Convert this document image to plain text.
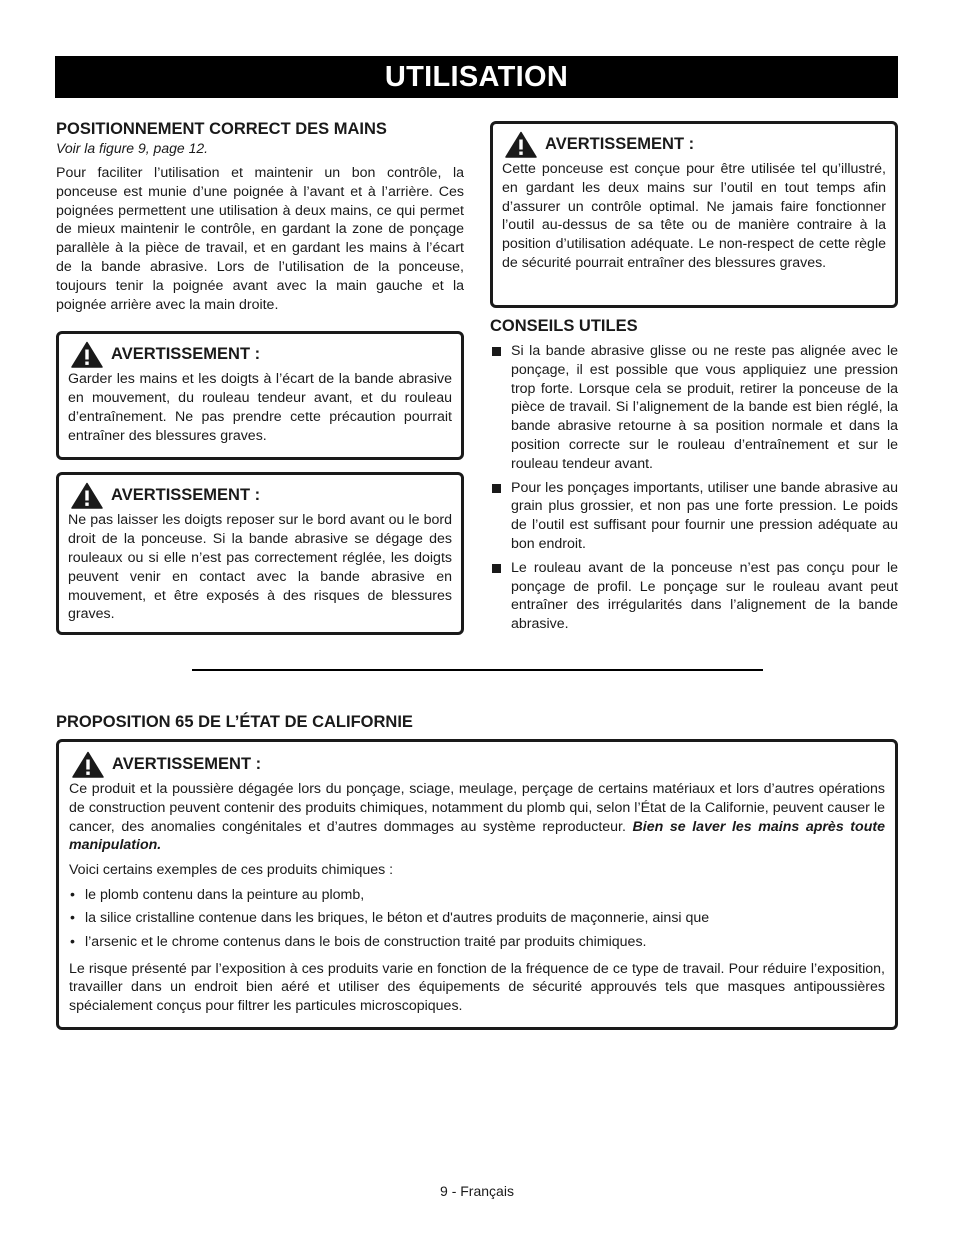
UTILISATION
POSITIONNEMENT CORRECT DES MAINS
Voir la figure 9, page 12.

Pour faciliter l’utilisation et maintenir un bon contrôle, la ponceuse est munie d’une poignée à l’avant et à l’arrière. Ces poignées permettent une utilisation à deux mains, ce qui permet de mieux maintenir le contrôle, en gardant la zone de ponçage parallèle à la pièce de travail, et en gardant les mains à l’écart de la bande abrasive. Lors de l’utilisation de la ponceuse, toujours tenir la poignée avant avec la main gauche et la poignée arrière avec la main droite.

AVERTISSEMENT :

Garder les mains et les doigts à l’écart de la bande abrasive en mouvement, du rouleau tendeur avant, et du rouleau d’entraînement. Ne pas prendre cette précaution pourrait entraîner des blessures graves.

AVERTISSEMENT :

Ne pas laisser les doigts reposer sur le bord avant ou le bord droit de la ponceuse. Si la bande abrasive se dégage des rouleaux ou si elle n’est pas correctement réglée, les doigts peuvent venir en contact avec la bande abrasive en mouvement, et être exposés à des risques de blessures graves.

AVERTISSEMENT :

Cette ponceuse est conçue pour être utilisée tel qu’illustré, en gardant les deux mains sur l’outil en tout temps afin d’assurer un contrôle optimal. Ne jamais faire fonctionner l’outil au-dessus de sa tête ou de manière contraire à la position d’utilisation adéquate. Le non-respect de cette règle de sécurité pourrait entraîner des blessures graves.

CONSEILS UTILES
Si la bande abrasive glisse ou ne reste pas alignée avec le ponçage, il est possible que vous appliquiez une pression trop forte. Lorsque cela se produit, retirer la ponceuse de la pièce de travail. Si l’alignement de la bande est bien réglé, la bande abrasive retourne à sa position normale et dans la position correcte sur le rouleau d’entraînement et sur le rouleau tendeur avant.
Pour les ponçages importants, utiliser une bande abrasive au grain plus grossier, et non pas une forte pression. Le poids de l’outil est suffisant pour fournir une pression adéquate au bon endroit.
Le rouleau avant de la ponceuse n’est pas conçu pour le ponçage de profil. Le ponçage sur le rouleau avant peut entraîner des irrégularités dans l’alignement de la bande abrasive.
PROPOSITION 65 DE L’ÉTAT DE CALIFORNIE
AVERTISSEMENT :

Ce produit et la poussière dégagée lors du ponçage, sciage, meulage, perçage de certains matériaux et lors d’autres opérations de construction peuvent contenir des produits chimiques, notamment du plomb qui, selon l’État de la Californie, peuvent causer le cancer, des anomalies congénitales et d’autres dommages au système reproducteur. Bien se laver les mains après toute manipulation.

Voici certains exemples de ces produits chimiques :

• le plomb contenu dans la peinture au plomb,
• la silice cristalline contenue dans les briques, le béton et d'autres produits de maçonnerie, ainsi que
• l’arsenic et le chrome contenus dans le bois de construction traité par produits chimiques.

Le risque présenté par l’exposition à ces produits varie en fonction de la fréquence de ce type de travail. Pour réduire l’exposition, travailler dans un endroit bien aéré et utiliser des équipements de sécurité approuvés tels que masques antipoussières spécialement conçus pour filtrer les particules microscopiques.

9 - Français
